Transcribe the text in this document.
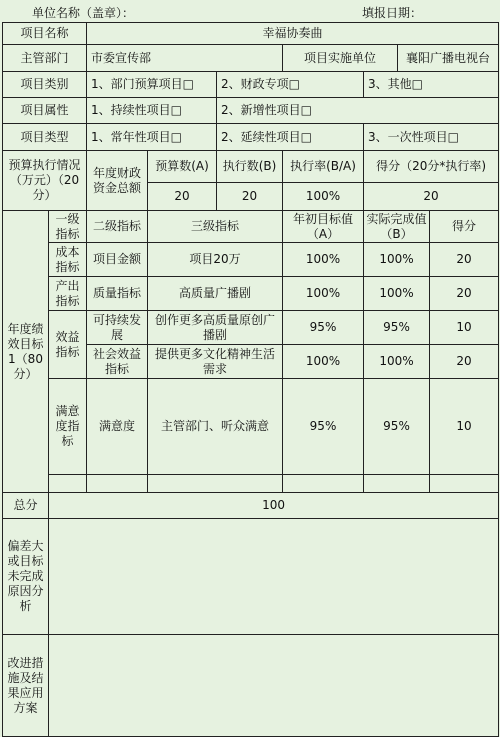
单位名称（盖章）：	填报日期：
项目名称		幸福协奏曲						
主管部门		市委宣传部			项目实施单位		襄阳广播电视台	
项目类别		1、部门预算项目□		2、财政专项□		3、其他□		
项目属性		1、持续性项目□		2、新增性项目□				
项目类型		1、常年性项目□		2、延续性项目□		3、一次性项目□		
预算执行情况（万元）（20分）		年度财政资金总额	预算数(A)	执行数(B)	执行率(B/A)	得分（20分*执行率)		
			20	20	100%	20		
年度绩效目标1（80分）	一级指标	二级指标	三级指标		年初目标值（A）	实际完成值（B）		得分
	成本指标	项目金额	项目20万		100%	100%		20
	产出指标	质量指标	高质量广播剧		100%	100%		20
	效益指标	可持续发展	创作更多高质量原创广播剧		95%	95%		10
		社会效益指标	提供更多文化精神生活需求		100%	100%		20
	满意度指标	满意度	主管部门、听众满意		95%	95%		10

总分	100							
偏差大或目标未完成原因分析								
改进措施及结果应用方案								
